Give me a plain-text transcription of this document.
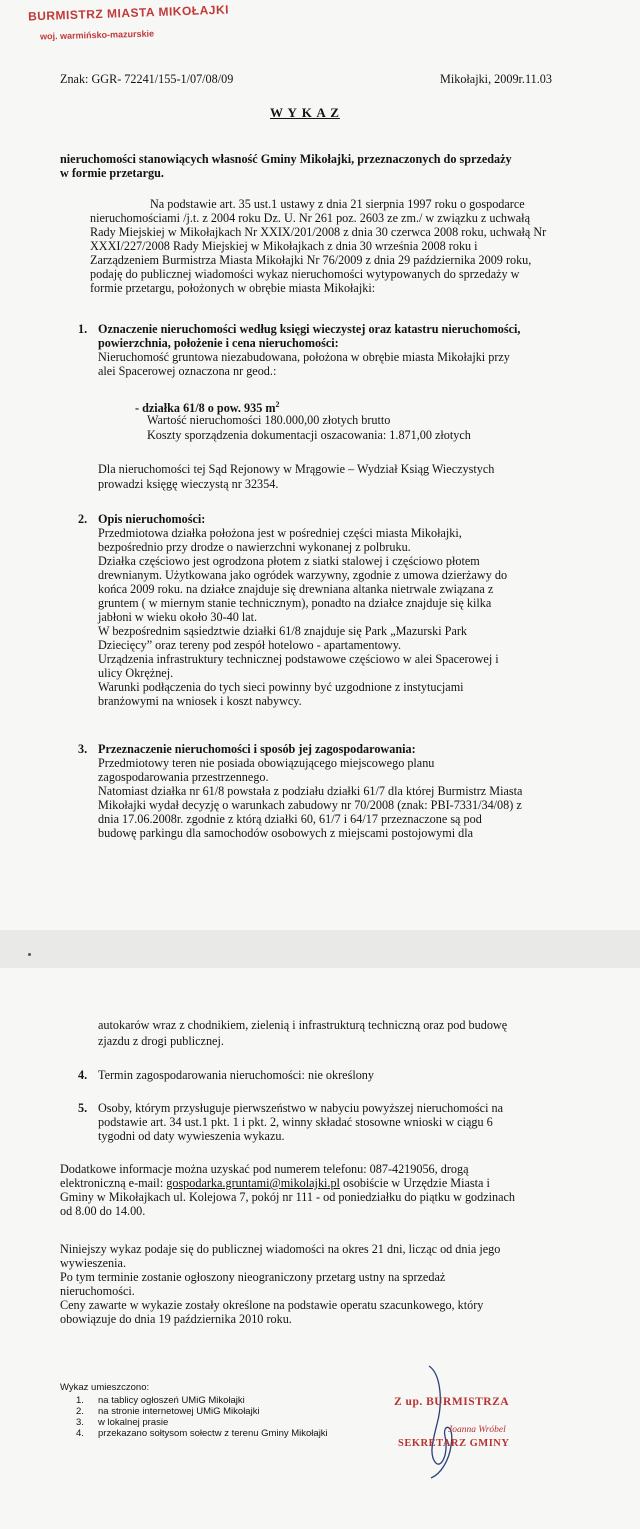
BURMISTRZ MIASTA MIKOŁAJKI
woj. warmińsko-mazurskie

Znak: GGR- 72241/155-1/07/08/09	Mikołajki, 2009r.11.03

W Y K A Z

nieruchomości stanowiących własność Gminy Mikołajki, przeznaczonych do sprzedaży

w formie przetargu.

Na podstawie art. 35 ust.1 ustawy z dnia 21 sierpnia 1997 roku o gospodarce

nieruchomościami /j.t. z 2004 roku Dz. U. Nr 261 poz. 2603 ze zm./ w związku z uchwałą

Rady Miejskiej w Mikołajkach Nr XXIX/201/2008 z dnia 30 czerwca 2008 roku, uchwałą Nr

XXXI/227/2008 Rady Miejskiej w Mikołajkach z dnia 30 września 2008 roku i

Zarządzeniem Burmistrza Miasta Mikołajki Nr 76/2009 z dnia 29 października 2009 roku,

podaję do publicznej wiadomości wykaz nieruchomości wytypowanych do sprzedaży w

formie przetargu, położonych w obrębie miasta Mikołajki:

1. Oznaczenie nieruchomości według księgi wieczystej oraz katastru nieruchomości,

powierzchnia, położenie i cena nieruchomości:

Nieruchomość gruntowa niezabudowana, położona w obrębie miasta Mikołajki przy

alei Spacerowej oznaczona nr geod.:

- działka 61/8 o pow. 935 $m^2$

Wartość nieruchomości 180.000,00 złotych brutto

Koszty sporządzenia dokumentacji oszacowania: 1.871,00 złotych

Dla nieruchomości tej Sąd Rejonowy w Mrągowie – Wydział Ksiąg Wieczystych

prowadzi księgę wieczystą nr 32354.

2. Opis nieruchomości:

Przedmiotowa działka położona jest w pośredniej części miasta Mikołajki,

bezpośrednio przy drodze o nawierzchni wykonanej z polbruku.

Działka częściowo jest ogrodzona płotem z siatki stalowej i częściowo płotem

drewnianym. Użytkowana jako ogródek warzywny, zgodnie z umowa dzierżawy do

końca 2009 roku. na działce znajduje się drewniana altanka nietrwale związana z

gruntem ( w miernym stanie technicznym), ponadto na działce znajduje się kilka

jabłoni w wieku około 30-40 lat.

W bezpośrednim sąsiedztwie działki 61/8 znajduje się Park „Mazurski Park

Dziecięcy” oraz tereny pod zespół hotelowo - apartamentowy.

Urządzenia infrastruktury technicznej podstawowe częściowo w alei Spacerowej i

ulicy Okrężnej.

Warunki podłączenia do tych sieci powinny być uzgodnione z instytucjami

branżowymi na wniosek i koszt nabywcy.

3. Przeznaczenie nieruchomości i sposób jej zagospodarowania:

Przedmiotowy teren nie posiada obowiązującego miejscowego planu

zagospodarowania przestrzennego.

Natomiast działka nr 61/8 powstała z podziału działki 61/7 dla której Burmistrz Miasta

Mikołajki wydał decyzję o warunkach zabudowy nr 70/2008 (znak: PBI-7331/34/08) z

dnia 17.06.2008r. zgodnie z którą działki 60, 61/7 i 64/17 przeznaczone są pod

budowę parkingu dla samochodów osobowych z miejscami postojowymi dla

autokarów wraz z chodnikiem, zielenią i infrastrukturą techniczną oraz pod budowę

zjazdu z drogi publicznej.

4. Termin zagospodarowania nieruchomości: nie określony

5. Osoby, którym przysługuje pierwszeństwo w nabyciu powyższej nieruchomości na

podstawie art. 34 ust.1 pkt. 1 i pkt. 2, winny składać stosowne wnioski w ciągu 6

tygodni od daty wywieszenia wykazu.

Dodatkowe informacje można uzyskać pod numerem telefonu: 087-4219056, drogą

elektroniczną e-mail: gospodarka.gruntami@mikolajki.pl osobiście w Urzędzie Miasta i

Gminy w Mikołajkach ul. Kolejowa 7, pokój nr 111 - od poniedziałku do piątku w godzinach

od 8.00 do 14.00.

Niniejszy wykaz podaje się do publicznej wiadomości na okres 21 dni, licząc od dnia jego

wywieszenia.

Po tym terminie zostanie ogłoszony nieograniczony przetarg ustny na sprzedaż

nieruchomości.

Ceny zawarte w wykazie zostały określone na podstawie operatu szacunkowego, który

obowiązuje do dnia 19 października 2010 roku.

Wykaz umieszczono:

1. na tablicy ogłoszeń UMiG Mikołajki
2. na stronie internetowej UMiG Mikołajki
3. w lokalnej prasie
4. przekazano sołtysom sołectw z terenu Gminy Mikołajki
Z up. BURMISTRZA
Joanna Wróbel
SEKRETARZ GMINY
